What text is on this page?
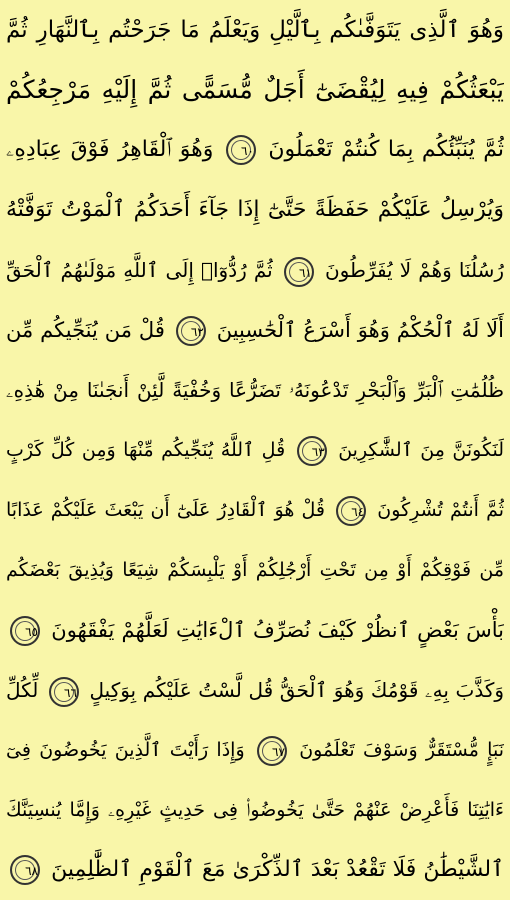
وَهُوَ ٱلَّذِى يَتَوَفَّىٰكُم بِٱلَّيْلِ وَيَعْلَمُ مَا جَرَحْتُم بِٱلنَّهَارِ ثُمَّ
يَبْعَثُكُمْ فِيهِ لِيُقْضَىٰٓ أَجَلٌ مُّسَمًّى ثُمَّ إِلَيْهِ مَرْجِعُكُمْ
ثُمَّ يُنَبِّئُكُم بِمَا كُنتُمْ تَعْمَلُونَ ٦٠ وَهُوَ ٱلْقَاهِرُ فَوْقَ عِبَادِهِۦ
وَيُرْسِلُ عَلَيْكُمْ حَفَظَةً حَتَّىٰٓ إِذَا جَآءَ أَحَدَكُمُ ٱلْمَوْتُ تَوَفَّتْهُ
رُسُلُنَا وَهُمْ لَا يُفَرِّطُونَ ٦١ ثُمَّ رُدُّوٓا۟ إِلَى ٱللَّهِ مَوْلَىٰهُمُ ٱلْحَقِّ
أَلَا لَهُ ٱلْحُكْمُ وَهُوَ أَسْرَعُ ٱلْحَٰسِبِينَ ٦٢ قُلْ مَن يُنَجِّيكُم مِّن
ظُلُمَٰتِ ٱلْبَرِّ وَٱلْبَحْرِ تَدْعُونَهُۥ تَضَرُّعًا وَخُفْيَةً لَّئِنْ أَنجَىٰنَا مِنْ هَٰذِهِۦ
لَنَكُونَنَّ مِنَ ٱلشَّٰكِرِينَ ٦٣ قُلِ ٱللَّهُ يُنَجِّيكُم مِّنْهَا وَمِن كُلِّ كَرْبٍ
ثُمَّ أَنتُمْ تُشْرِكُونَ ٦٤ قُلْ هُوَ ٱلْقَادِرُ عَلَىٰٓ أَن يَبْعَثَ عَلَيْكُمْ عَذَابًا
مِّن فَوْقِكُمْ أَوْ مِن تَحْتِ أَرْجُلِكُمْ أَوْ يَلْبِسَكُمْ شِيَعًا وَيُذِيقَ بَعْضَكُم
بَأْسَ بَعْضٍ ٱنظُرْ كَيْفَ نُصَرِّفُ ٱلْءَايَٰتِ لَعَلَّهُمْ يَفْقَهُونَ ٦٥
وَكَذَّبَ بِهِۦ قَوْمُكَ وَهُوَ ٱلْحَقُّ قُل لَّسْتُ عَلَيْكُم بِوَكِيلٍ ٦٦ لِّكُلِّ
نَبَإٍ مُّسْتَقَرٌّ وَسَوْفَ تَعْلَمُونَ ٦٧ وَإِذَا رَأَيْتَ ٱلَّذِينَ يَخُوضُونَ فِىٓ
ءَايَٰتِنَا فَأَعْرِضْ عَنْهُمْ حَتَّىٰ يَخُوضُوا۟ فِى حَدِيثٍ غَيْرِهِۦ وَإِمَّا يُنسِيَنَّكَ
ٱلشَّيْطَٰنُ فَلَا تَقْعُدْ بَعْدَ ٱلذِّكْرَىٰ مَعَ ٱلْقَوْمِ ٱلظَّٰلِمِينَ ٦٨
